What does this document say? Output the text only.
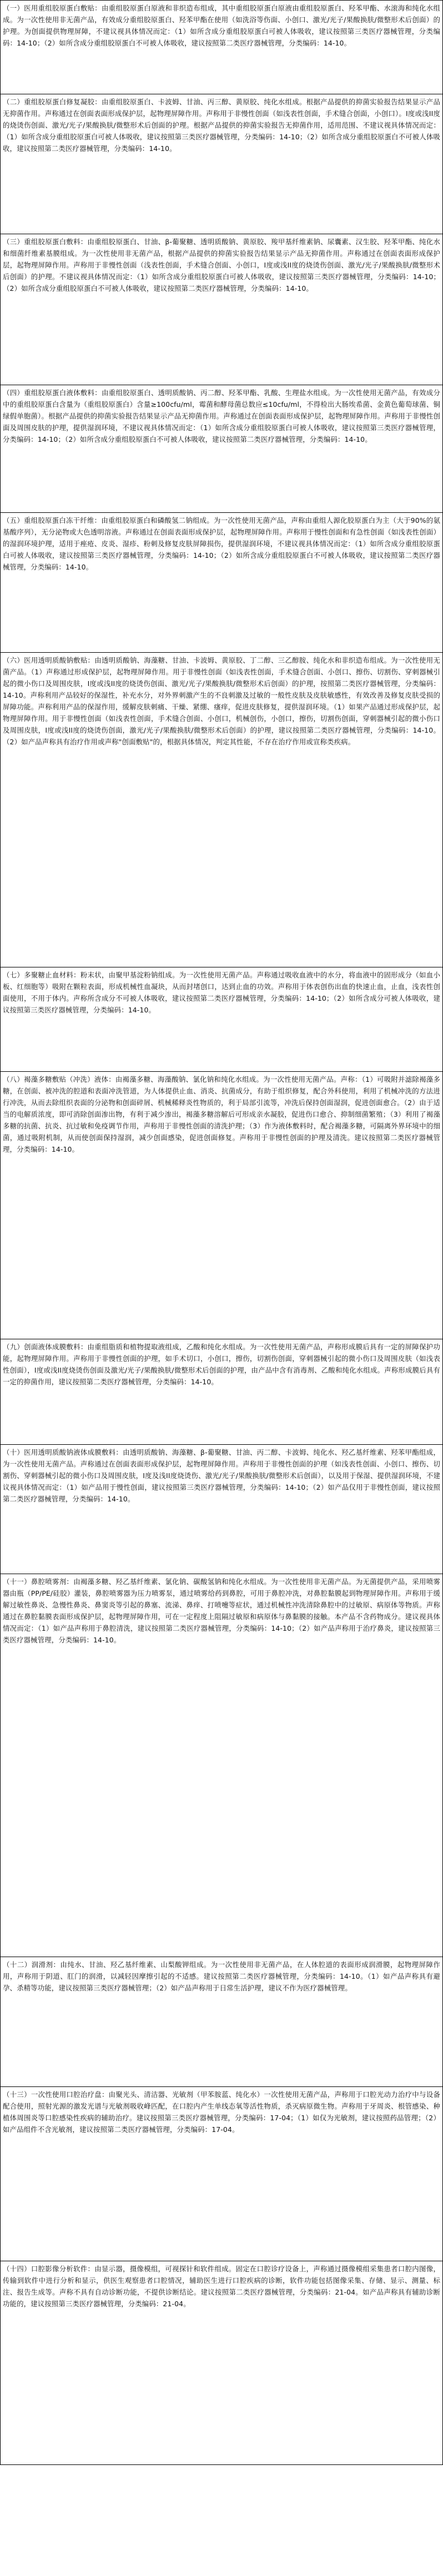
（一）医用重组胶原蛋白敷贴：由重组胶原蛋白原液和非织造布组成，其中重组胶原蛋白原液由重组胶原蛋白、羟苯甲酯、水滚海和纯化水组成。为一次性使用非无菌产品，有效成分重组胶原蛋白、羟苯甲酯在使用（如洗浴等伤面、小创口、激光/光子/果酸换肤/微整形术后创面）的护理。为创面提供物理屏障，不建议视具体情况而定：（1）如所含成分重组胶原蛋白可被人体吸收，建议按照第三类医疗器械管理，分类编码：14-10；（2）如所含成分重组胶原蛋白不可被人体吸收，建议按照第二类医疗器械管理，分类编码：14-10。
（二）重组胶原蛋白修复凝胶：由重组胶原蛋白、卡波姆、甘油、丙三醇、黄原胶、纯化水组成。根据产品提供的抑菌实验报告结果显示产品无抑菌作用。声称通过在创面表面形成保护层，起物理屏障作用。声称用于非慢性创面（如浅表性创面，手术缝合创面，小创口）。I度或浅II度的烧烫伤创面、激光/光子/果酸换肤/微整形术后创面的护理。根据产品提供的抑菌实验报告无抑菌作用，适用范围、不建议视具体情况而定：（1）如所含成分重组胶原蛋白可被人体吸收，建议按照第三类医疗器械管理，分类编码：14-10；（2）如所含成分重组胶原蛋白不可被人体吸收，建议按照第二类医疗器械管理，分类编码：14-10。
（三）重组胶原蛋白敷料：由重组胶原蛋白、甘油、β-葡聚糖、透明质酸钠、黄原胶、羧甲基纤维素钠、尿囊素、汉生胶、羟苯甲酯、纯化水和细菌纤维素基膜组成。为一次性使用非无菌产品，根据产品提供的抑菌实验报告结果显示产品无抑菌作用。声称通过在创面表面形成保护层，起物理屏障作用。声称用于非慢性创面（浅表性创面，手术缝合创面、小创口，I度或浅II度的烧烫伤创面、激光/光子/果酸换肤/微整形术后创面）的护理。不建议视具体情况而定：（1）如所含成分重组胶原蛋白可被人体吸收，建议按照第三类医疗器械管理，分类编码：14-10；（2）如所含成分重组胶原蛋白不可被人体吸收，建议按照第二类医疗器械管理，分类编码：14-10。
（四）重组胶原蛋白液体敷料：由重组胶原蛋白、透明质酸钠、丙二醇、羟苯甲酯、乳酸、生理盐水组成。为一次性使用无菌产品，有效成分中的重组胶原蛋白含量为（重组胶原蛋白）含量≥100cfu/ml，霉菌和酵母菌总数应≤10cfu/ml，不得检出大肠埃希菌、金黄色葡萄球菌、铜绿假单胞菌）。根据产品提供的抑菌实验报告结果显示产品无抑菌作用。声称通过在创面表面形成保护层，起物理屏障作用。声称用于非慢性创面及周围皮肤的护理，提供湿润环境，不建议视具体情况而定：（1）如所含成分重组胶原蛋白可被人体吸收，建议按照第三类医疗器械管理，分类编码：14-10；（2）如所含成分重组胶原蛋白不可被人体吸收，建议按照第二类医疗器械管理，分类编码：14-10。
（五）重组胶原蛋白冻干纤维：由重组胶原蛋白和磷酸氢二钠组成。为一次性使用无菌产品，声称由重组人源化胶原蛋白为主（大于90%的氨基酸序列），无分泌物或大色透明溶液。声称通过在创面表面形成保护层，起物理屏障作用。声称用于慢性创面和有急性创面（如浅表性创面）的湿润环境护理，适用于痤疮、皮炎、湿疹、粉刺及修复皮肤屏障损伤，提供湿润环境，不建议视具体情况而定：（1）如所含成分重组胶原蛋白可被人体吸收，建议按照第三类医疗器械管理，分类编码：14-10；（2）如所含成分重组胶原蛋白不可被人体吸收，建议按照第二类医疗器械管理，分类编码：14-10。
（六）医用透明质酸钠敷贴：由透明质酸钠、海藻糖、甘油、卡波姆、黄原胶、丁二醇、三乙醇胺、纯化水和非织造布组成。为一次性使用无菌产品。（1）声称通过形成保护层，起物理屏障作用。用于非慢性创面（如浅表性创面，手术缝合创面、小创口、擦伤、切割伤、穿刺器械引起的微小伤口及周围皮肤，I度或浅II度的烧烫伤创面、激光/光子/果酸换肤/微整形术后创面）的护理，按照第二类医疗器械管理，分类编码：14-10。声称利用产品较好的保湿性，补充水分，对外界刺激产生的不良刺激及过敏的一般性皮肤及皮肤敏感性，有效改善及修复皮肤受损的屏障功能。声称利用产品的保湿作用，缓解皮肤刺痛、干燥、紧绷、瘙痒，促进皮肤修复，提供湿润环境。（1）如果产品通过形成保护层，起物理屏障作用。用于非慢性创面（如浅表性创面，手术缝合创面、小创口，机械创伤，小创口，擦伤，切割伤创面，穿刺器械引起的微小伤口及周围皮肤，I度或浅II度的烧烫伤创面，激光/光子/果酸换肤/微整形术后创面）的护理，建议按照第二类医疗器械管理，分类编码：14-10。（2）如产品声称具有治疗作用或声称"创面敷贴"的，根据具体情况，判定其性能，不存在治疗作用或宣称类疾病。
（七）多聚糖止血材料：粉末状，由聚甲基淀粉钠组成。为一次性使用无菌产品。声称通过吸收血液中的水分，将血液中的固形成分（如血小板、红细胞等）吸附在颗粒表面，形成机械性血凝块，从而封堵创口，达到止血的功效。声称用于体表创伤出血的快速止血，止血，浅表性创面使用，不用于体内。声称所含成分不可被人体吸收，建议按照第二类医疗器械管理，分类编码：14-10；（2）如所含成分可被人体吸收，建议按照第三类医疗器械管理，分类编码：14-10。
（八）褐藻多糖敷贴（冲洗）液体：由褐藻多糖、海藻酸钠、氯化钠和纯化水组成。为一次性使用无菌产品。声称：（1）可吸附并滤除褐藻多糖，在创面、被冲洗的腔道和表面冲洗管道，为人体提供止血、消炎、抗菌成分，有助于组织修复，配合外科使用，利用了机械冲洗的方法进行冲洗，从而去除组织表面的分泌物和创面碎屑、机械稀释炎性物质的，利于局部引流等，冲洗后保持创面湿润，促进创面愈合。（2）由于适当的电解质浓度，即可消除创面渗出物，有利于减少渗出，褐藻多糖溶解后可形成亲水凝胶，促进伤口愈合、抑制细菌繁殖；（3）利用了褐藻多糖的抗菌、抗炎、抗过敏和免疫调节作用，声称用于非慢性创面的清洗护理；（3）作为液体敷料时，配合褐藻多糖，可隔离外界环境中的细菌，通过吸附机制，从而使创面保持湿润，减少创面感染，促进创面修复。声称用于非慢性创面的护理及清洗。建议按照第二类医疗器械管理，分类编码：14-10。
（九）创面液体成膜敷料：由重组脂质和植物提取液组成，乙酸和纯化水组成。为一次性使用无菌产品，声称形成膜后具有一定的屏障保护功能，起物理屏障作用。声称用于非慢性创面的护理，如手术切口，小创口，擦伤，切割伤创面，穿刺器械引起的微小伤口及周围皮肤（如浅表性创面），I度或浅II度烧烫伤创面及激光/光子/果酸换肤/微整形术后创面的护理，由产品中含有消毒剂、乙酸和纯化水组成。声称形成膜后具有一定的抑菌作用，建议按照第二类医疗器械管理，分类编码：14-10。
（十）医用透明质酸钠液体成膜敷料：由透明质酸钠、海藻糖、β-葡聚糖、甘油、丙二醇、卡波姆、纯化水、羟乙基纤维素、羟苯甲酯组成，为一次性使用无菌产品。声称通过在创面表面形成保护层，起物理屏障作用。声称用于非慢性创面的护理（如浅表性创面、小创口、擦伤、切割伤、穿刺器械引起的微小伤口及周围皮肤，I度及浅II度烧烫伤、激光/光子/果酸换肤/微整形术后创面），以及用于保湿、提供湿润环境，不建议视具体情况而定：（1）如产品用于慢性创面，建议按照第三类医疗器械管理，分类编码：14-10；（2）如产品仅用于非慢性创面，建议按照第二类医疗器械管理，分类编码：14-10。
（十一）鼻腔喷雾剂：由褐藻多糖、羟乙基纤维素、氯化钠、碳酸氢钠和纯化水组成。为一次性使用非无菌产品。为无菌提供产品，采用喷雾器由瓶（PP/PE/硅胶）灌装，鼻腔喷雾器为压力喷雾泵，通过喷雾给药到鼻腔，可用于鼻腔冲洗，对鼻腔黏膜起到物理屏障作用。声称用于缓解过敏性鼻炎、急慢性鼻炎、鼻窦炎等引起的鼻塞、流涕、鼻痒、打喷嚏等症状，通过机械性冲洗清除鼻腔中的过敏原、病原体等物质。声称通过在鼻腔黏膜表面形成保护层，起物理屏障作用，可在一定程度上阻隔过敏原和病原体与鼻黏膜的接触。本产品不含药物成分。建议视具体情况而定：（1）如产品声称用于鼻腔清洗，建议按照第二类医疗器械管理，分类编码：14-10；（2）如产品声称用于治疗鼻炎，建议按照第三类医疗器械管理，分类编码：14-10。
（十二）润滑剂：由纯水、甘油、羟乙基纤维素、山梨酸钾组成。为一次性使用非无菌产品，在人体腔道的表面形成润滑膜，起物理屏障作用，声称用于阴道、肛门的润滑，以减轻因摩擦引起的不适感。建议按照第二类医疗器械管理，分类编码：14-10。（1）如产品声称具有避孕、杀精等功能，建议按照第三类医疗器械管理；（2）如产品声称用于日常生活护理，建议不作为医疗器械管理。
（十三）一次性使用口腔治疗盘：由聚光头、清洁器、光敏剂（甲苯胺蓝、纯化水）一次性使用无菌产品，声称用于口腔光动力治疗中与设备配合使用，照射光源的激发光谱与光敏剂吸收峰匹配，在口腔内产生单线态氧等活性物质，杀灭病原微生物。声称用于牙周炎、根管感染、种植体周围炎等口腔感染性疾病的辅助治疗。建议按照第三类医疗器械管理，分类编码：17-04；（1）如仅为光敏剂，建议按照药品管理；（2）如产品组件不含光敏剂，建议按照第二类医疗器械管理，分类编码：17-04。
（十四）口腔影像分析软件：由显示器，摄像模组，可视探针和软件组成。固定在口腔诊疗设备上，声称通过摄像模组采集患者口腔内图像，传输到软件中进行分析和显示，供医生观察患者口腔情况，辅助医生进行口腔疾病的诊断，软件功能包括图像采集、存储、显示、测量、标注、报告生成等。声称不具有自动诊断功能，不提供诊断结论。建议按照第二类医疗器械管理，分类编码：21-04。如产品声称具有辅助诊断功能的，建议按照第三类医疗器械管理，分类编码：21-04。
